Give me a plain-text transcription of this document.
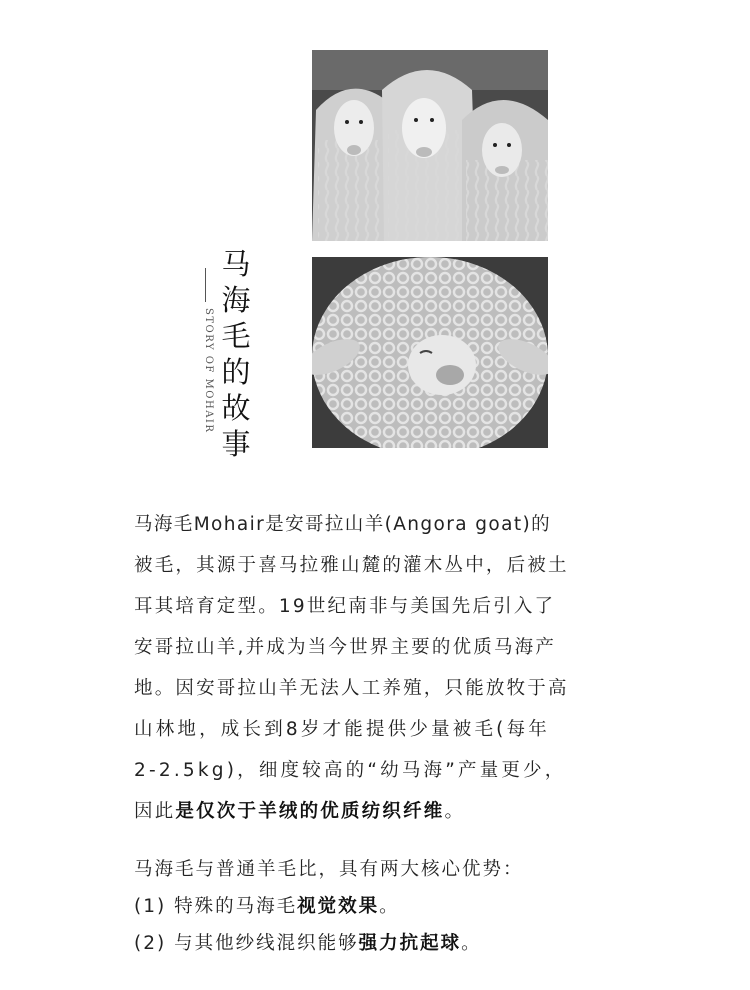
STORY OF MOHAIR
马
海
毛
的
故
事
马海毛Mohair是安哥拉山羊(Angora goat)的
被毛，其源于喜马拉雅山麓的灌木丛中，后被土
耳其培育定型。19世纪南非与美国先后引入了
安哥拉山羊,并成为当今世界主要的优质马海产
地。因安哥拉山羊无法人工养殖，只能放牧于高
山林地，成长到8岁才能提供少量被毛(每年
2-2.5kg)，细度较高的“幼马海”产量更少，
因此是仅次于羊绒的优质纺织纤维。
马海毛与普通羊毛比，具有两大核心优势：
(1) 特殊的马海毛视觉效果。
(2) 与其他纱线混织能够强力抗起球。
